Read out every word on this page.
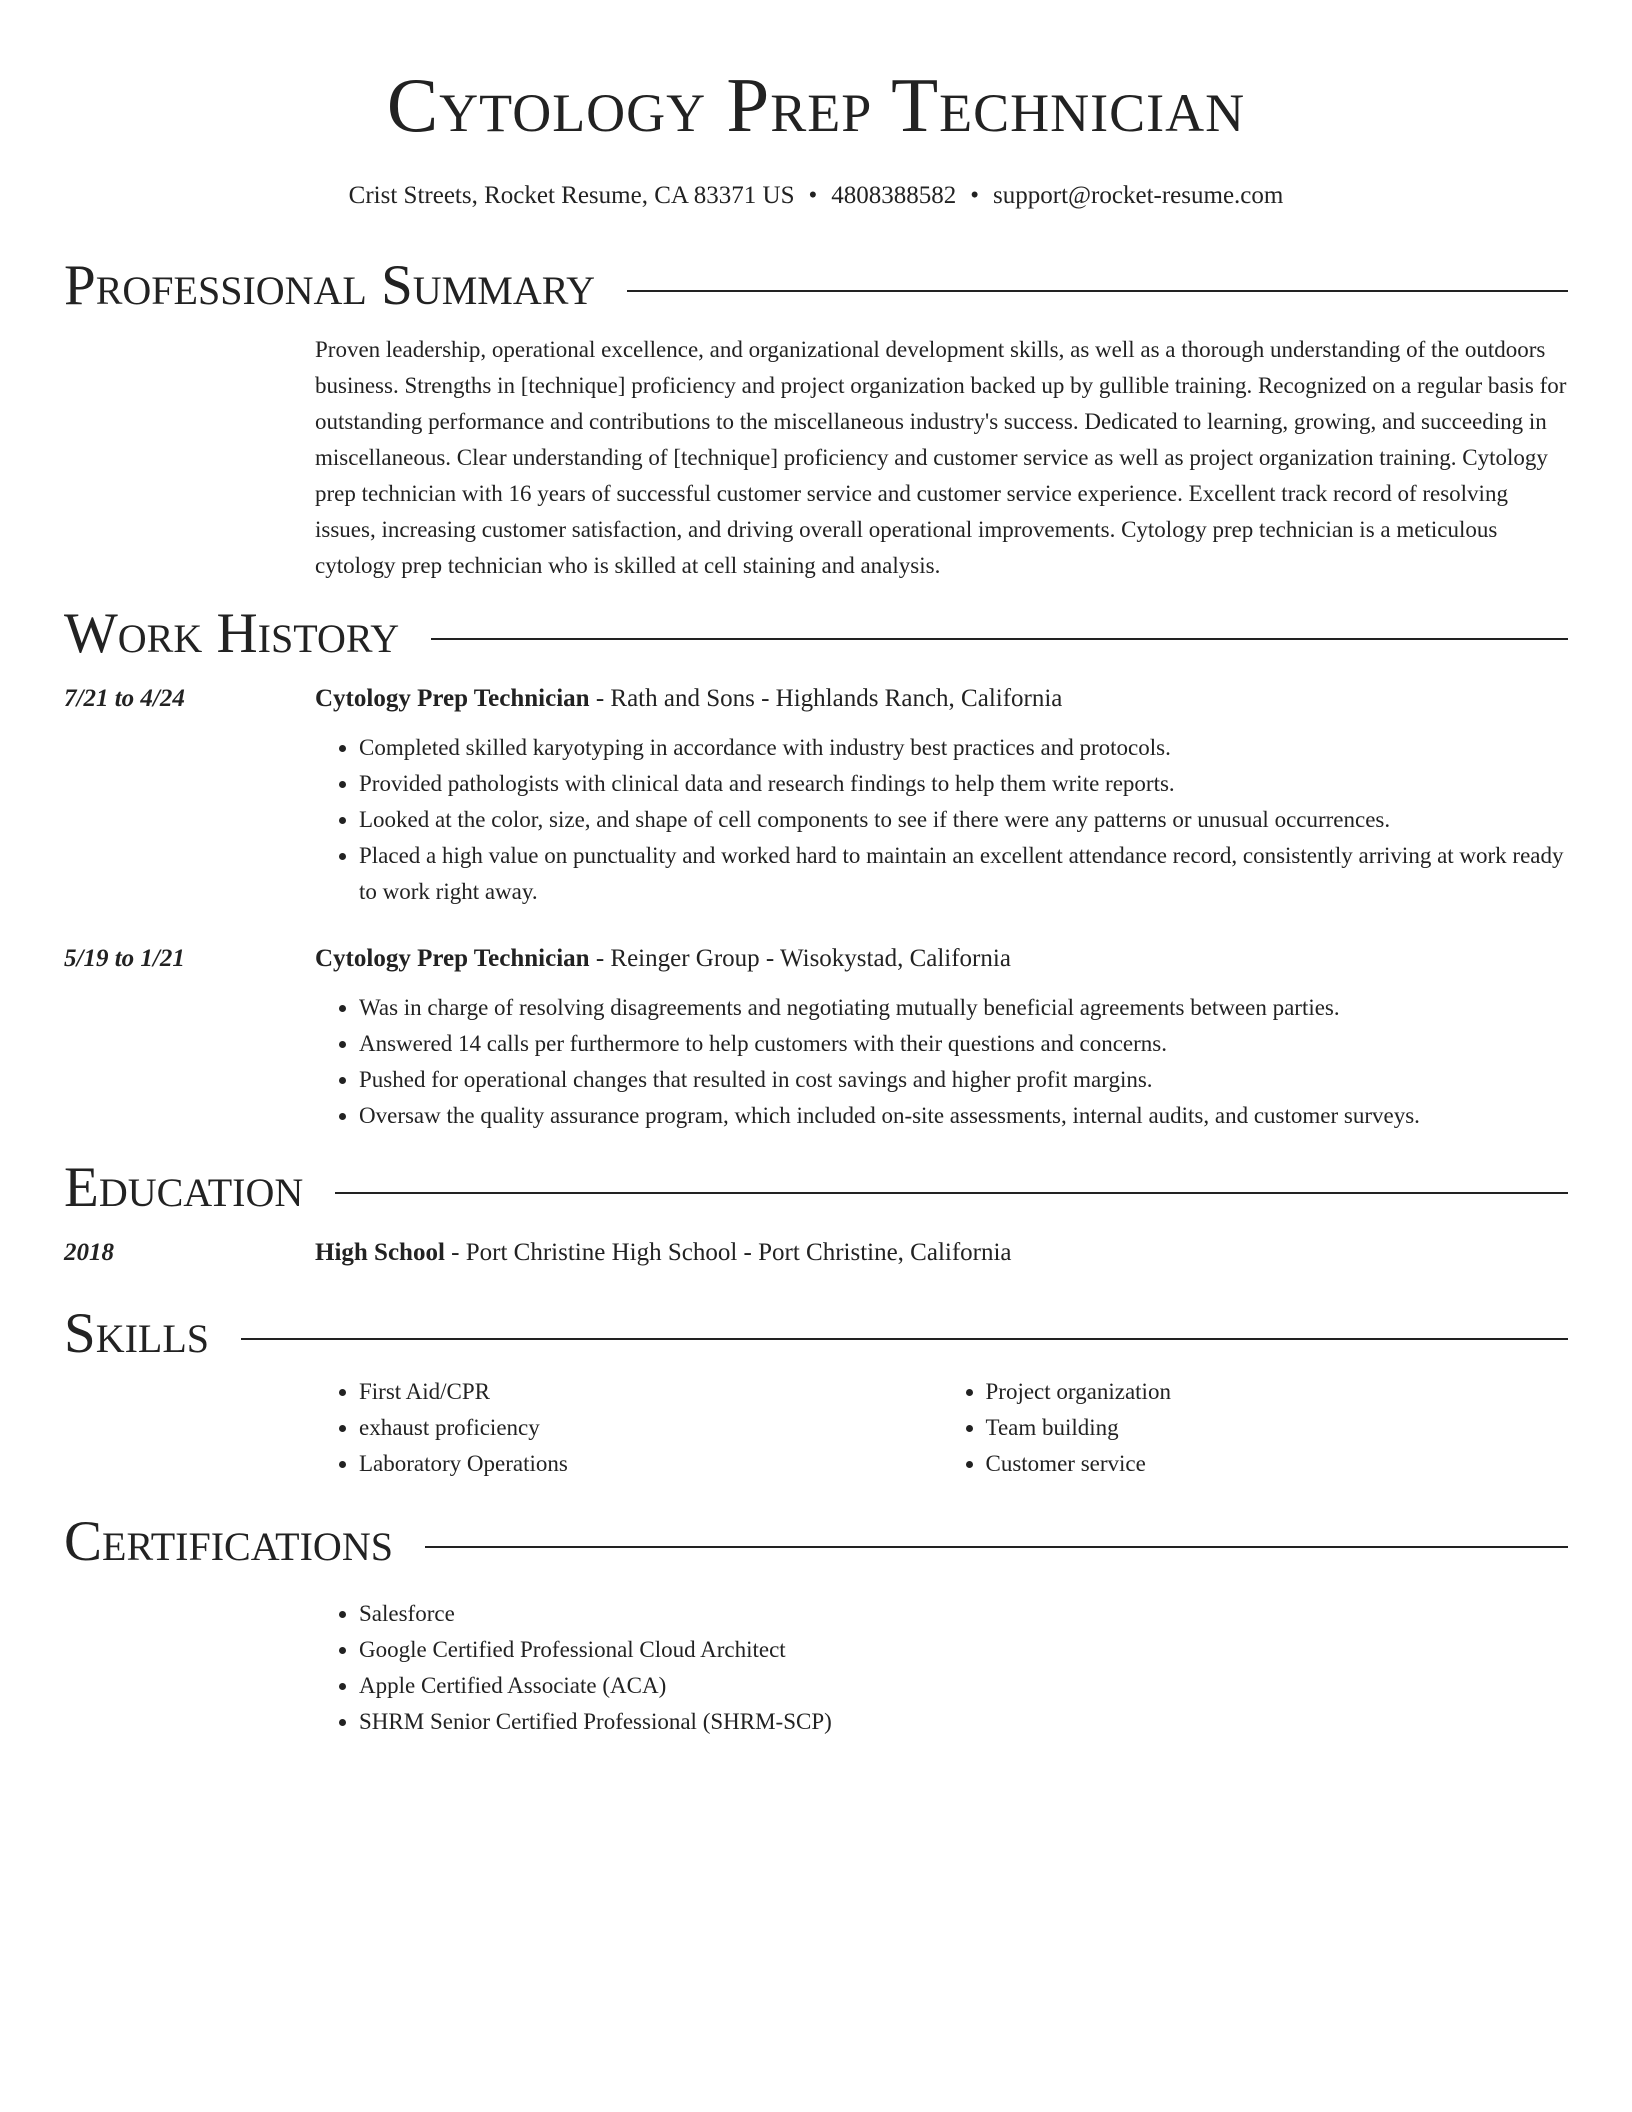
Cytology Prep Technician
Crist Streets, Rocket Resume, CA 83371 US • 4808388582 • support@rocket-resume.com
Professional Summary
Proven leadership, operational excellence, and organizational development skills, as well as a thorough understanding of the outdoors business. Strengths in [technique] proficiency and project organization backed up by gullible training. Recognized on a regular basis for outstanding performance and contributions to the miscellaneous industry's success. Dedicated to learning, growing, and succeeding in miscellaneous. Clear understanding of [technique] proficiency and customer service as well as project organization training. Cytology prep technician with 16 years of successful customer service and customer service experience. Excellent track record of resolving issues, increasing customer satisfaction, and driving overall operational improvements. Cytology prep technician is a meticulous cytology prep technician who is skilled at cell staining and analysis.
Work History
7/21 to 4/24	Cytology Prep Technician - Rath and Sons - Highlands Ranch, California
• Completed skilled karyotyping in accordance with industry best practices and protocols.
• Provided pathologists with clinical data and research findings to help them write reports.
• Looked at the color, size, and shape of cell components to see if there were any patterns or unusual occurrences.
• Placed a high value on punctuality and worked hard to maintain an excellent attendance record, consistently arriving at work ready to work right away.
5/19 to 1/21	Cytology Prep Technician - Reinger Group - Wisokystad, California
• Was in charge of resolving disagreements and negotiating mutually beneficial agreements between parties.
• Answered 14 calls per furthermore to help customers with their questions and concerns.
• Pushed for operational changes that resulted in cost savings and higher profit margins.
• Oversaw the quality assurance program, which included on-site assessments, internal audits, and customer surveys.
Education
2018	High School - Port Christine High School - Port Christine, California
Skills
• First Aid/CPR
• exhaust proficiency
• Laboratory Operations
• Project organization
• Team building
• Customer service
Certifications
• Salesforce
• Google Certified Professional Cloud Architect
• Apple Certified Associate (ACA)
• SHRM Senior Certified Professional (SHRM-SCP)
